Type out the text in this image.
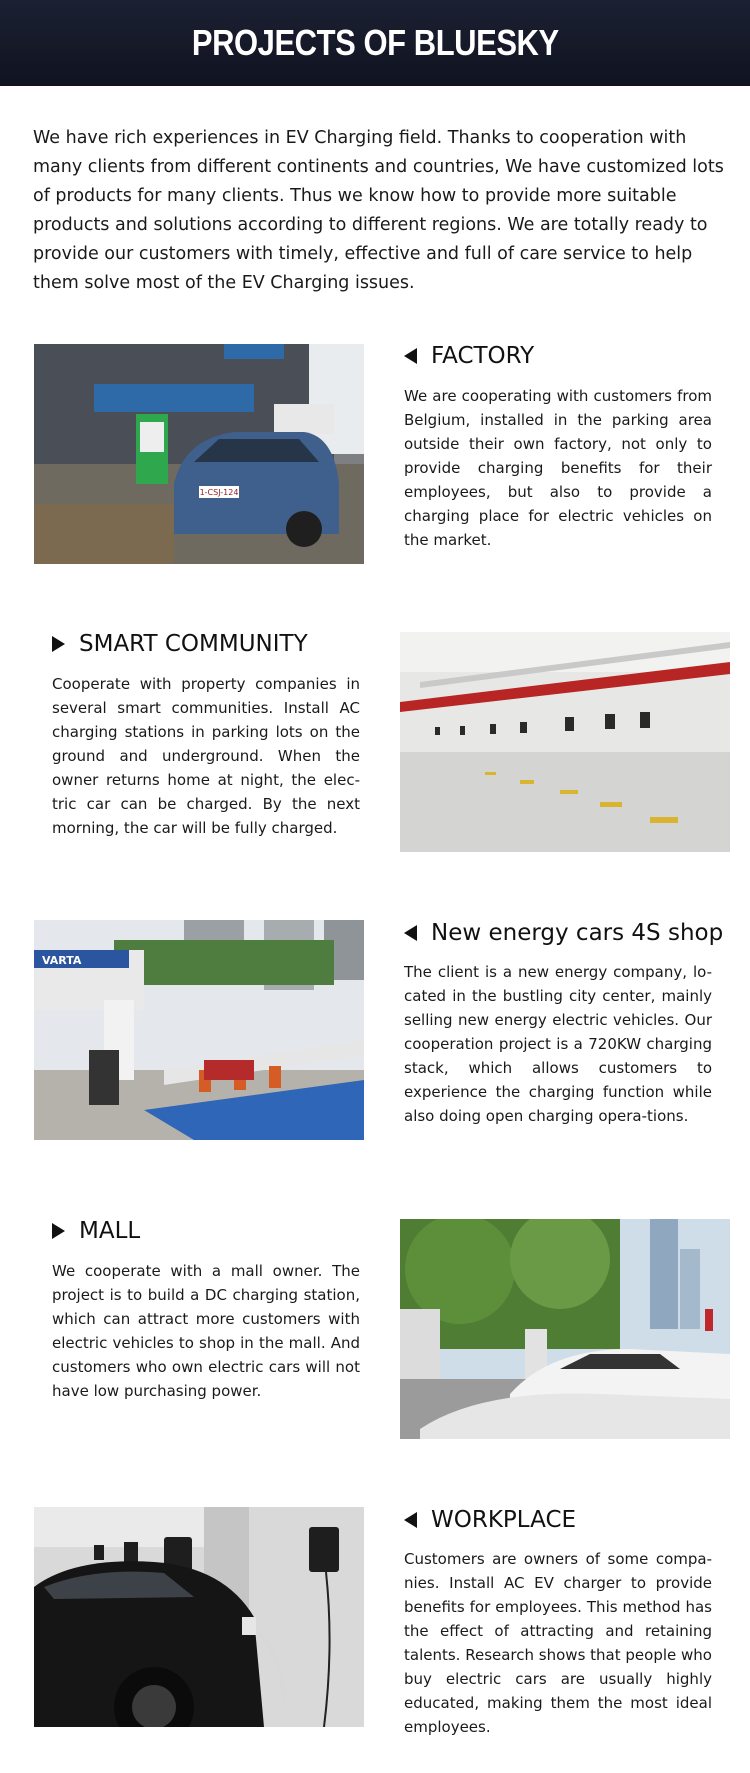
PROJECTS OF BLUESKY

We have rich experiences in EV Charging field. Thanks to cooperation with many clients from different continents and countries, We have customized lots of products for many clients. Thus we know how to provide more suitable products and solutions according to different regions. We are totally ready to provide our customers with timely, effective and full of care service to help them solve most of the EV Charging issues.

1-CSJ-124
FACTORY

We are cooperating with customers from Belgium, installed in the parking area outside their own factory, not only to provide charging benefits for their employees, but also to provide a charging place for electric vehicles on the market.

SMART COMMUNITY

Cooperate with property companies in several smart communities. Install AC charging stations in parking lots on the ground and underground. When the owner returns home at night, the elec-tric car can be charged. By the next morning, the car will be fully charged.

VARTA
New energy cars 4S shop

The client is a new energy company, lo-cated in the bustling city center, mainly selling new energy electric vehicles. Our cooperation project is a 720KW charging stack, which allows customers to experience the charging function while also doing open charging opera-tions.

MALL

We cooperate with a mall owner. The project is to build a DC charging station, which can attract more customers with electric vehicles to shop in the mall. And customers who own electric cars will not have low purchasing power.

WORKPLACE

Customers are owners of some compa-nies. Install AC EV charger to provide benefits for employees. This method has the effect of attracting and retaining talents. Research shows that people who buy electric cars are usually highly educated, making them the most ideal employees.
